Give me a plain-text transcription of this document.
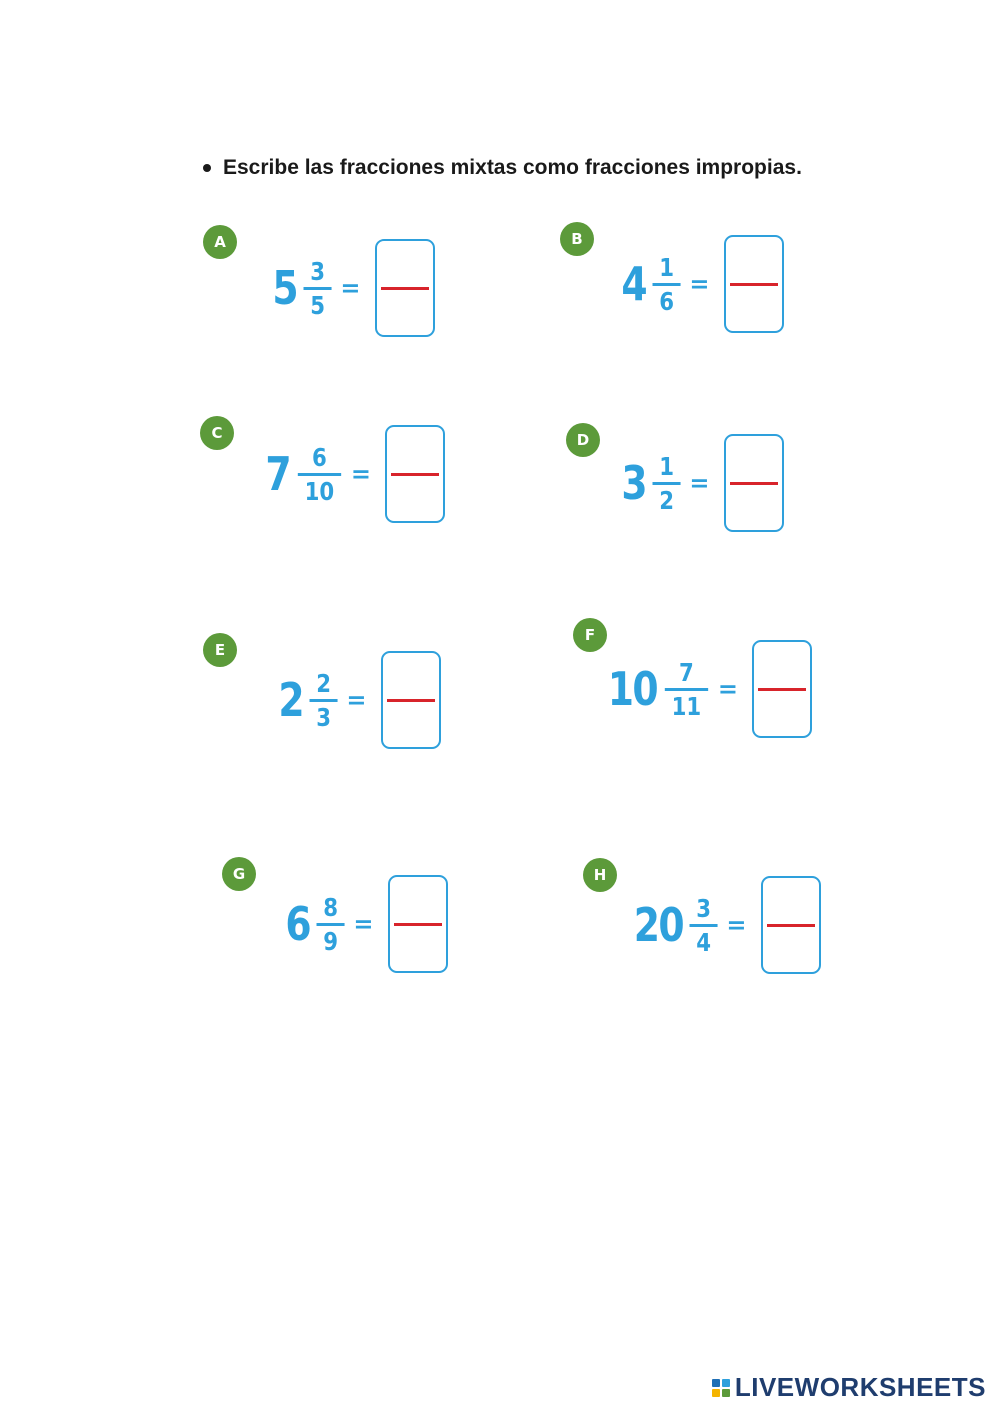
Escribe las fracciones mixtas como fracciones impropias.
A
$5 \frac{3}{5}$ =
B
$4 \frac{1}{6}$ =
C
$7 \frac{6}{10}$ =
D
$3 \frac{1}{2}$ =
E
$2 \frac{2}{3}$ =
F
$10 \frac{7}{11}$ =
G
$6 \frac{8}{9}$ =
H
$20 \frac{3}{4}$ =
LIVEWORKSHEETS
